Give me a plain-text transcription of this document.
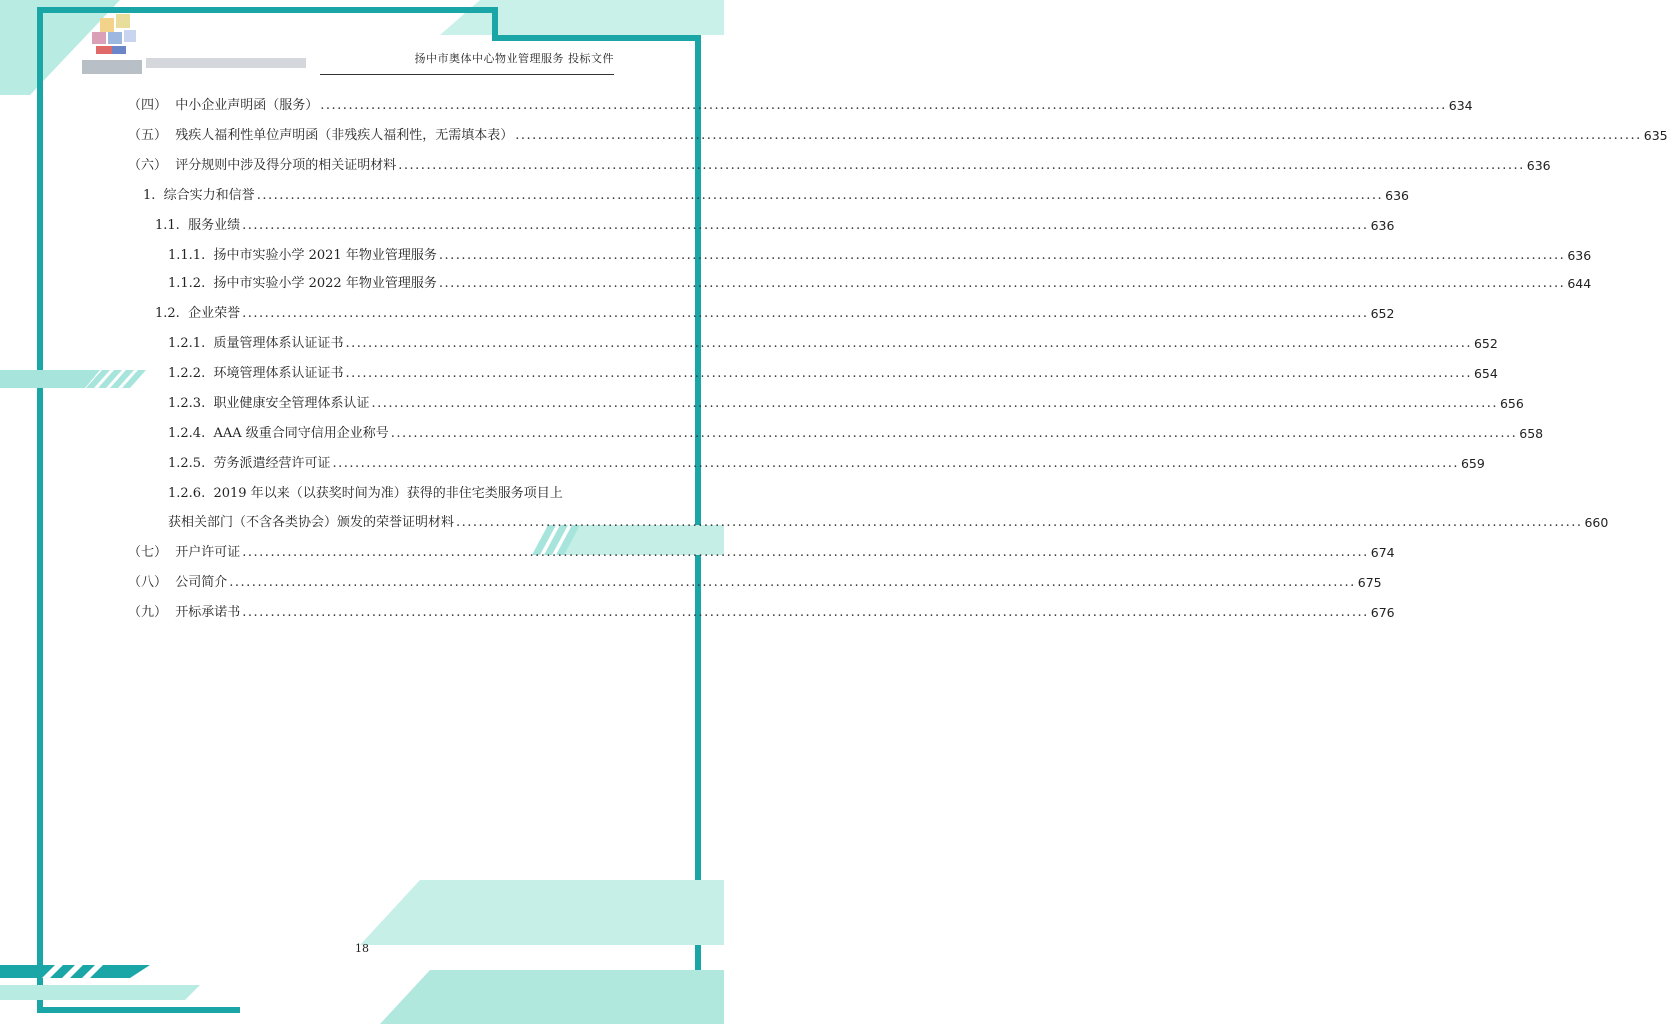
扬中市奥体中心物业管理服务 投标文件
（四） 中小企业声明函（服务） ........................................................................................................................................................................................................ 634
（五） 残疾人福利性单位声明函（非残疾人福利性，无需填本表） ........................................................................................................................................................................................................ 635
（六） 评分规则中涉及得分项的相关证明材料 ........................................................................................................................................................................................................ 636
1. 综合实力和信誉 ........................................................................................................................................................................................................ 636
1.1. 服务业绩 ........................................................................................................................................................................................................ 636
1.1.1. 扬中市实验小学 2021 年物业管理服务 ........................................................................................................................................................................................................ 636
1.1.2. 扬中市实验小学 2022 年物业管理服务 ........................................................................................................................................................................................................ 644
1.2. 企业荣誉 ........................................................................................................................................................................................................ 652
1.2.1. 质量管理体系认证证书 ........................................................................................................................................................................................................ 652
1.2.2. 环境管理体系认证证书 ........................................................................................................................................................................................................ 654
1.2.3. 职业健康安全管理体系认证 ........................................................................................................................................................................................................ 656
1.2.4. AAA 级重合同守信用企业称号 ........................................................................................................................................................................................................ 658
1.2.5. 劳务派遣经营许可证 ........................................................................................................................................................................................................ 659
1.2.6. 2019 年以来（以获奖时间为准）获得的非住宅类服务项目上
获相关部门（不含各类协会）颁发的荣誉证明材料 ........................................................................................................................................................................................................ 660
（七） 开户许可证 ........................................................................................................................................................................................................ 674
（八） 公司简介 ........................................................................................................................................................................................................ 675
（九） 开标承诺书 ........................................................................................................................................................................................................ 676
18
